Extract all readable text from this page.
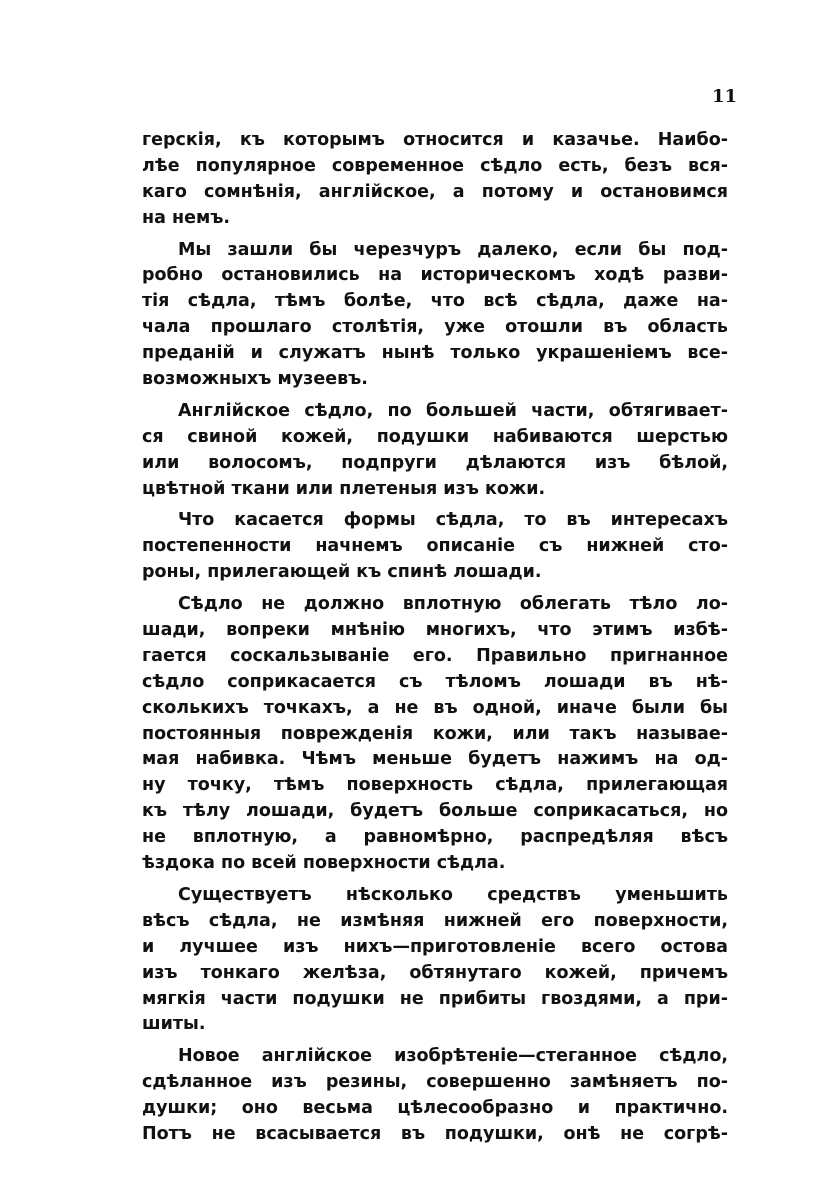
11
герскія, къ которымъ относится и казачье. Наибо-
лѣе популярное современное сѣдло есть, безъ вся-
каго сомнѣнія, англійское, а потому и остановимся
на немъ.
Мы зашли бы черезчуръ далеко, если бы под-
робно остановились на историческомъ ходѣ разви-
тія сѣдла, тѣмъ болѣе, что всѣ сѣдла, даже на-
чала прошлаго столѣтія, уже отошли въ область
преданій и служатъ нынѣ только украшеніемъ все-
возможныхъ музеевъ.
Англійское сѣдло, по большей части, обтягивает-
ся свиной кожей, подушки набиваются шерстью
или волосомъ, подпруги дѣлаются изъ бѣлой,
цвѣтной ткани или плетеныя изъ кожи.
Что касается формы сѣдла, то въ интересахъ
постепенности начнемъ описаніе съ нижней сто-
роны, прилегающей къ спинѣ лошади.
Сѣдло не должно вплотную облегать тѣло ло-
шади, вопреки мнѣнію многихъ, что этимъ избѣ-
гается соскальзываніе его. Правильно пригнанное
сѣдло соприкасается съ тѣломъ лошади въ нѣ-
сколькихъ точкахъ, а не въ одной, иначе были бы
постоянныя поврежденія кожи, или такъ называе-
мая набивка. Чѣмъ меньше будетъ нажимъ на од-
ну точку, тѣмъ поверхность сѣдла, прилегающая
къ тѣлу лошади, будетъ больше соприкасаться, но
не вплотную, а равномѣрно, распредѣляя вѣсъ
ѣздока по всей поверхности сѣдла.
Существуетъ нѣсколько средствъ уменьшить
вѣсъ сѣдла, не измѣняя нижней его поверхности,
и лучшее изъ нихъ—приготовленіе всего остова
изъ тонкаго желѣза, обтянутаго кожей, причемъ
мягкія части подушки не прибиты гвоздями, а при-
шиты.
Новое англійское изобрѣтеніе—стеганное сѣдло,
сдѣланное изъ резины, совершенно замѣняетъ по-
душки; оно весьма цѣлесообразно и практично.
Потъ не всасывается въ подушки, онѣ не согрѣ-
